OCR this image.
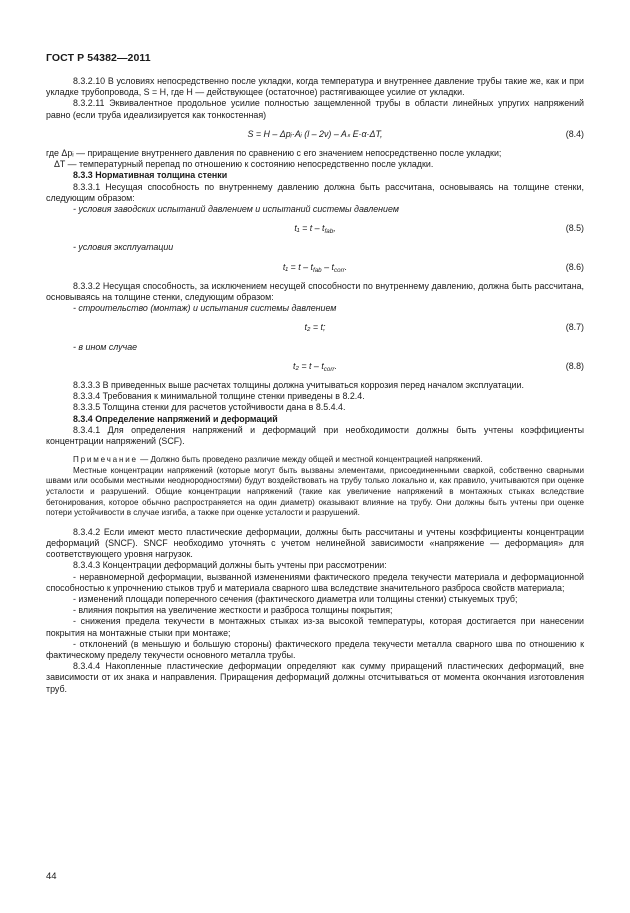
ГОСТ Р 54382—2011

8.3.2.10 В условиях непосредственно после укладки, когда температура и внутреннее давление трубы такие же, как и при укладке трубопровода, S = H, где H — действующее (остаточное) растягивающее усилие от укладки.

8.3.2.11 Эквивалентное продольное усилие полностью защемленной трубы в области линейных упругих напряжений равно (если труба идеализируется как тонкостенная)

S = H – Δpᵢ·Aᵢ (l – 2ν) – Aₛ E·α·ΔT,	(8.4)

где Δpᵢ — приращение внутреннего давления по сравнению с его значением непосредственно после укладки;

ΔT — температурный перепад по отношению к состоянию непосредственно после укладки.

8.3.3 Нормативная толщина стенки

8.3.3.1 Несущая способность по внутреннему давлению должна быть рассчитана, основываясь на толщине стенки, следующим образом:

- условия заводских испытаний давлением и испытаний системы давлением

$t_1 = t - t_{fab}$,	(8.5)

- условия эксплуатации

$t_1 = t - t_{fab} - t_{corr}$.	(8.6)

8.3.3.2 Несущая способность, за исключением несущей способности по внутреннему давлению, должна быть рассчитана, основываясь на толщине стенки, следующим образом:

- строительство (монтаж) и испытания системы давлением

t₂ = t;	(8.7)

- в ином случае

$t_2 = t - t_{corr}$.	(8.8)

8.3.3.3 В приведенных выше расчетах толщины должна учитываться коррозия перед началом эксплуатации.

8.3.3.4 Требования к минимальной толщине стенки приведены в 8.2.4.

8.3.3.5 Толщина стенки для расчетов устойчивости дана в 8.5.4.4.

8.3.4 Определение напряжений и деформаций

8.3.4.1 Для определения напряжений и деформаций при необходимости должны быть учтены коэффициенты концентрации напряжений (SCF).

Примечание — Должно быть проведено различие между общей и местной концентрацией напряжений.

Местные концентрации напряжений (которые могут быть вызваны элементами, присоединенными сваркой, собственно сварными швами или особыми местными неоднородностями) будут воздействовать на трубу только локально и, как правило, учитываются при оценке усталости и разрушений. Общие концентрации напряжений (такие как увеличение напряжений в монтажных стыках вследствие бетонирования, которое обычно распространяется на один диаметр) оказывают влияние на трубу. Они должны быть учтены при оценке потери устойчивости в случае изгиба, а также при оценке усталости и разрушений.

8.3.4.2 Если имеют место пластические деформации, должны быть рассчитаны и учтены коэффициенты концентрации деформаций (SNCF). SNCF необходимо уточнять с учетом нелинейной зависимости «напряжение — деформация» для соответствующего уровня нагрузок.

8.3.4.3 Концентрации деформаций должны быть учтены при рассмотрении:

- неравномерной деформации, вызванной изменениями фактического предела текучести материала и деформационной способностью к упрочнению стыков труб и материала сварного шва вследствие значительного разброса свойств материала;

- изменений площади поперечного сечения (фактического диаметра или толщины стенки) стыкуемых труб;

- влияния покрытия на увеличение жесткости и разброса толщины покрытия;

- снижения предела текучести в монтажных стыках из-за высокой температуры, которая достигается при нанесении покрытия на монтажные стыки при монтаже;

- отклонений (в меньшую и большую стороны) фактического предела текучести металла сварного шва по отношению к фактическому пределу текучести основного металла трубы.

8.3.4.4 Накопленные пластические деформации определяют как сумму приращений пластических деформаций, вне зависимости от их знака и направления. Приращения деформаций должны отсчитываться от момента окончания изготовления труб.

44
